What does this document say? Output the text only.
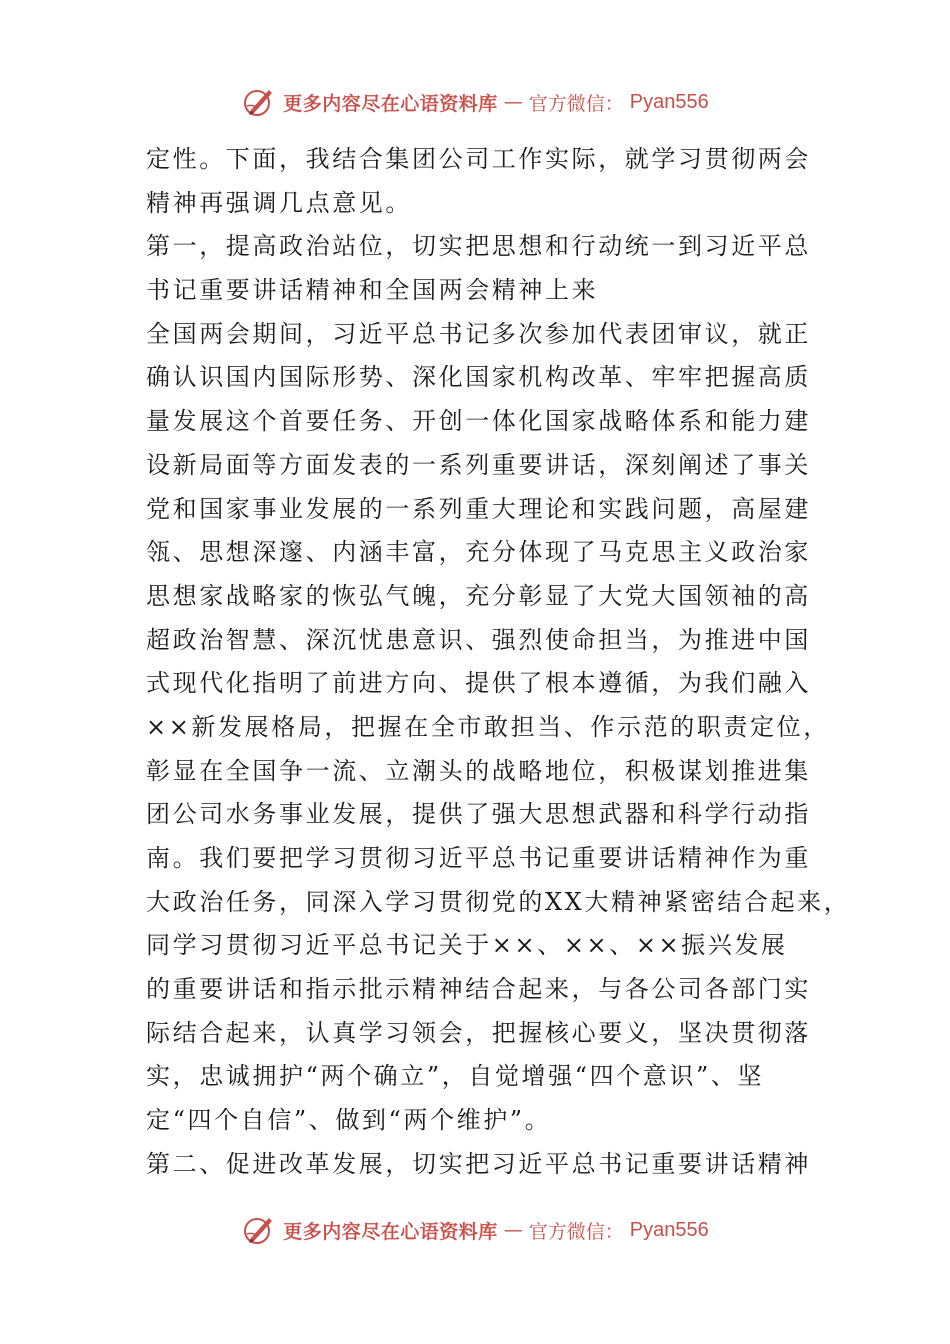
更多内容尽在心语资料库 — 官方微信： Pyan556
定性。下面，我结合集团公司工作实际，就学习贯彻两会
精神再强调几点意见。
第一，提高政治站位，切实把思想和行动统一到习近平总
书记重要讲话精神和全国两会精神上来
全国两会期间，习近平总书记多次参加代表团审议，就正
确认识国内国际形势、深化国家机构改革、牢牢把握高质
量发展这个首要任务、开创一体化国家战略体系和能力建
设新局面等方面发表的一系列重要讲话，深刻阐述了事关
党和国家事业发展的一系列重大理论和实践问题，高屋建
瓴、思想深邃、内涵丰富，充分体现了马克思主义政治家
思想家战略家的恢弘气魄，充分彰显了大党大国领袖的高
超政治智慧、深沉忧患意识、强烈使命担当，为推进中国
式现代化指明了前进方向、提供了根本遵循，为我们融入
××新发展格局，把握在全市敢担当、作示范的职责定位，
彰显在全国争一流、立潮头的战略地位，积极谋划推进集
团公司水务事业发展，提供了强大思想武器和科学行动指
南。我们要把学习贯彻习近平总书记重要讲话精神作为重
大政治任务，同深入学习贯彻党的XX大精神紧密结合起来，
同学习贯彻习近平总书记关于××、××、××振兴发展
的重要讲话和指示批示精神结合起来，与各公司各部门实
际结合起来，认真学习领会，把握核心要义，坚决贯彻落
实，忠诚拥护“两个确立”，自觉增强“四个意识”、坚
定“四个自信”、做到“两个维护”。
第二、促进改革发展，切实把习近平总书记重要讲话精神
更多内容尽在心语资料库 — 官方微信： Pyan556
